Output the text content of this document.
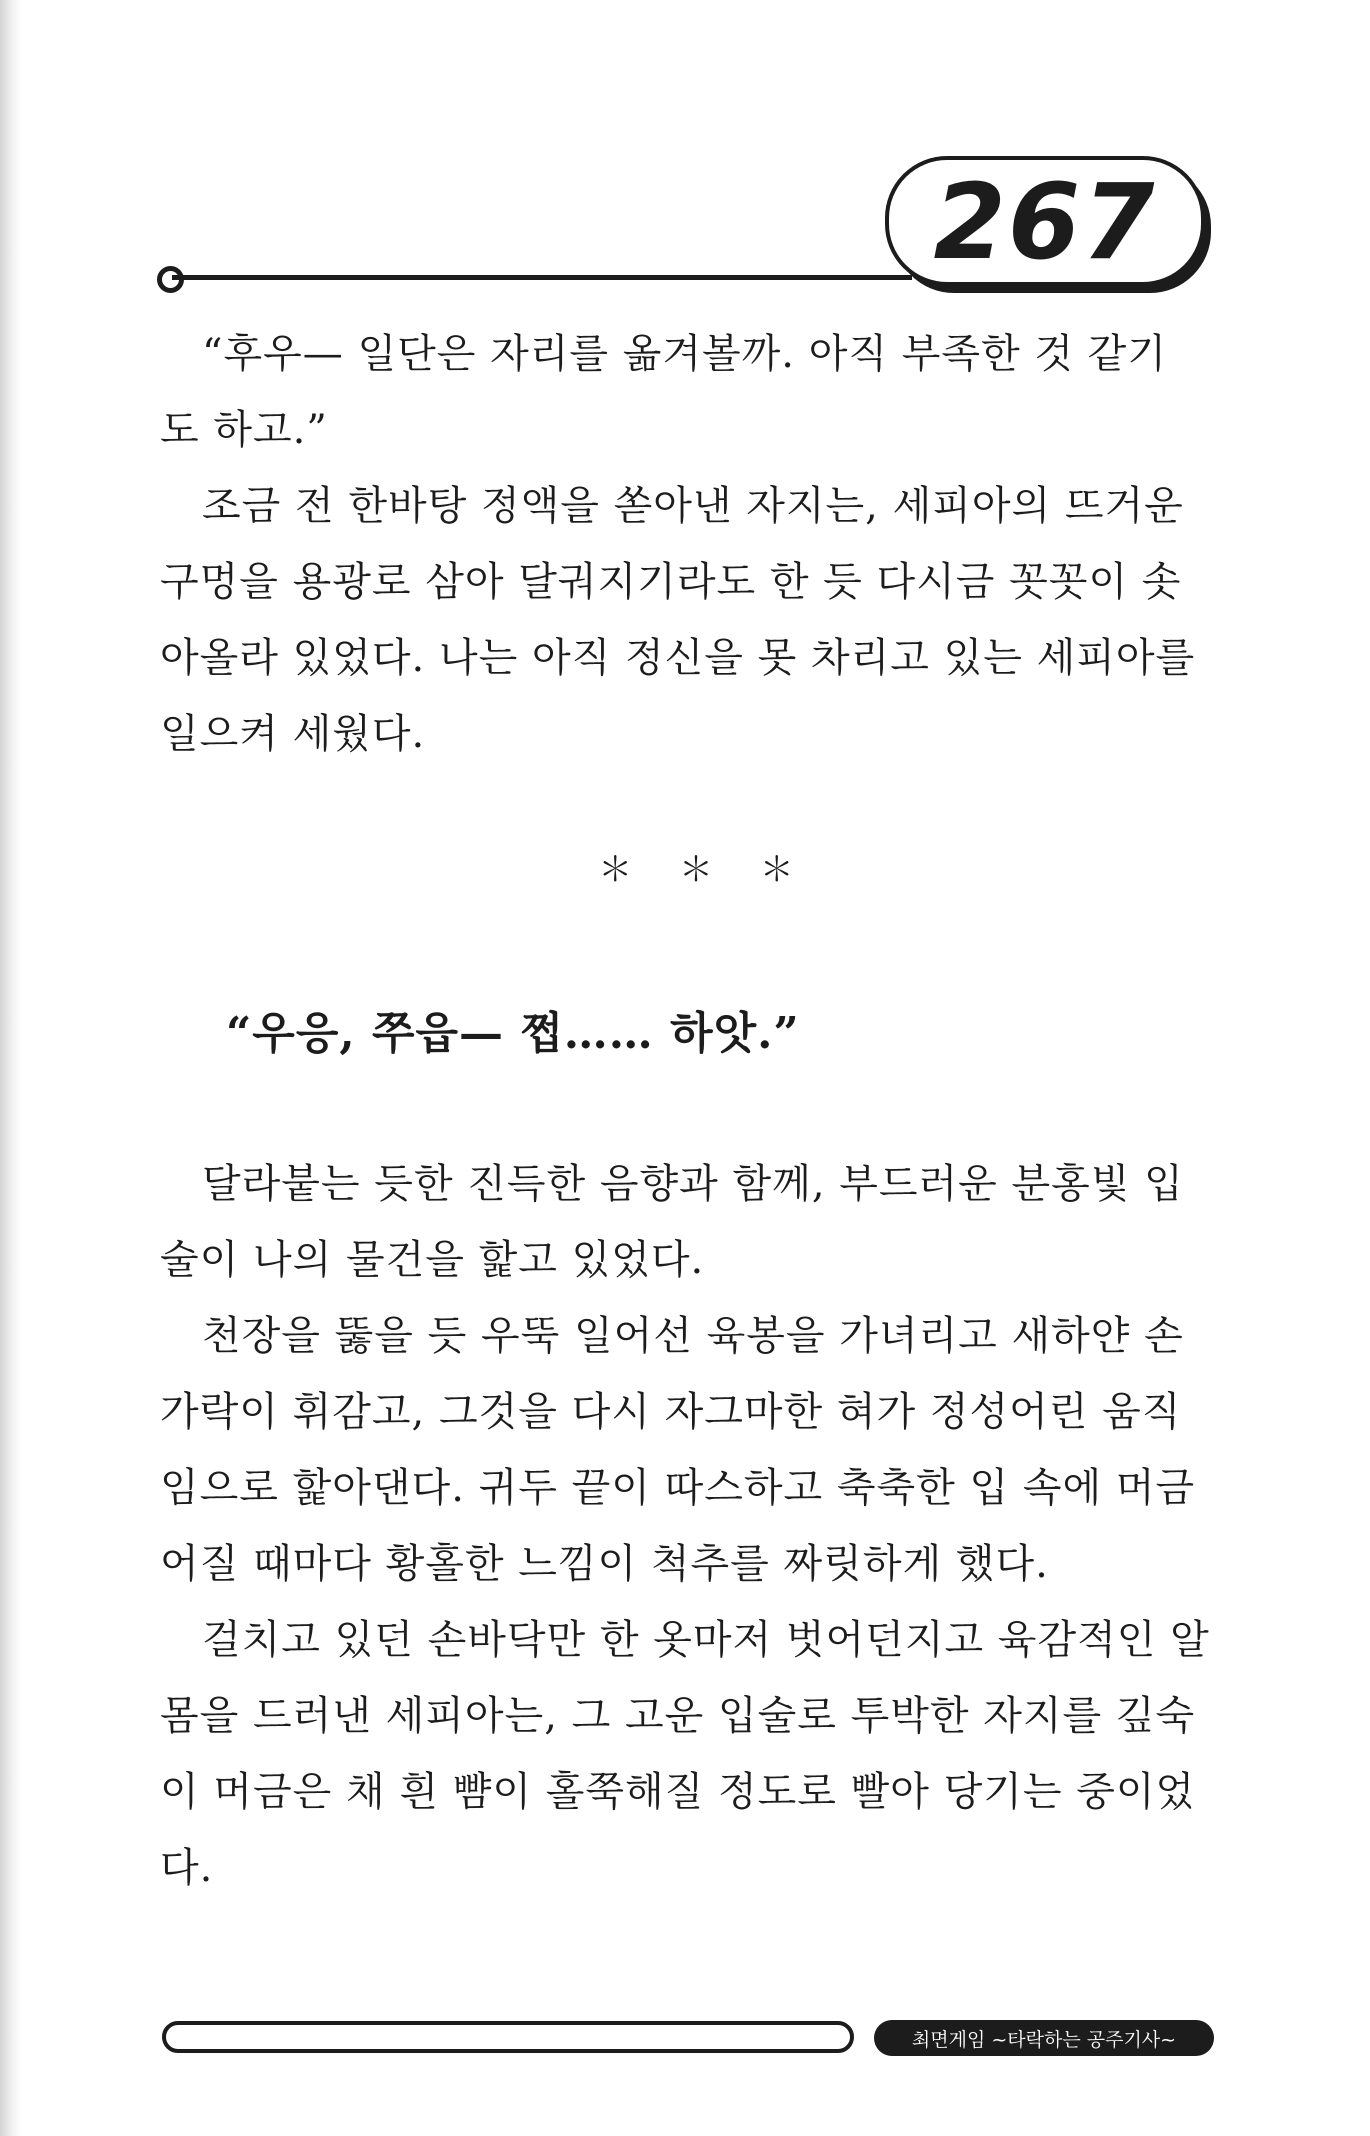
267
“후우— 일단은 자리를 옮겨볼까. 아직 부족한 것 같기
도 하고.”
조금 전 한바탕 정액을 쏟아낸 자지는, 세피아의 뜨거운
구멍을 용광로 삼아 달궈지기라도 한 듯 다시금 꼿꼿이 솟
아올라 있었다. 나는 아직 정신을 못 차리고 있는 세피아를
일으켜 세웠다.
＊ ＊ ＊
“우응, 쭈읍— 쩝…… 하앗.”
달라붙는 듯한 진득한 음향과 함께, 부드러운 분홍빛 입
술이 나의 물건을 핥고 있었다.
천장을 뚫을 듯 우뚝 일어선 육봉을 가녀리고 새하얀 손
가락이 휘감고, 그것을 다시 자그마한 혀가 정성어린 움직
임으로 핥아댄다. 귀두 끝이 따스하고 축축한 입 속에 머금
어질 때마다 황홀한 느낌이 척추를 짜릿하게 했다.
걸치고 있던 손바닥만 한 옷마저 벗어던지고 육감적인 알
몸을 드러낸 세피아는, 그 고운 입술로 투박한 자지를 깊숙
이 머금은 채 흰 뺨이 홀쭉해질 정도로 빨아 당기는 중이었
다.
최면게임 ~타락하는 공주기사~
